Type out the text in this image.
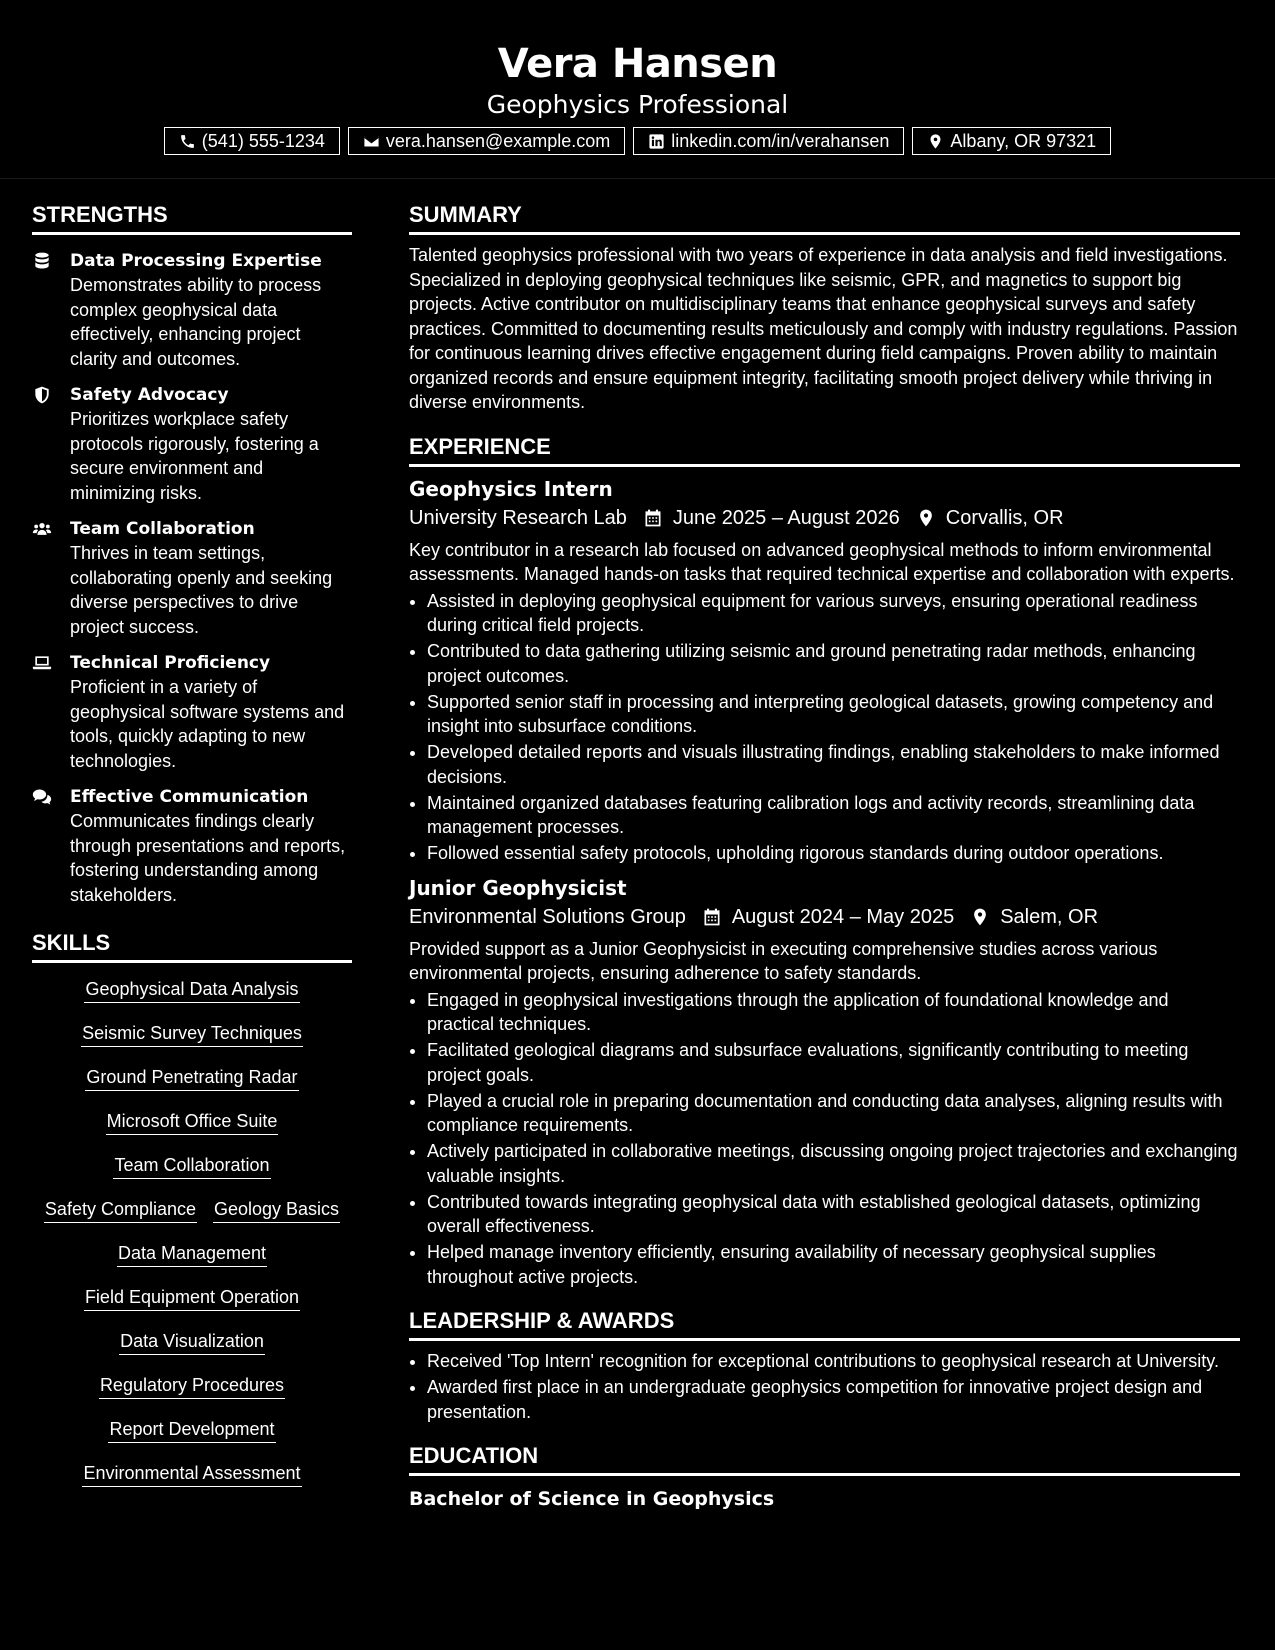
Vera Hansen
Geophysics Professional
(541) 555-1234	vera.hansen@example.com	linkedin.com/in/verahansen	Albany, OR 97321
STRENGTHS
Data Processing Expertise
Demonstrates ability to process complex geophysical data effectively, enhancing project clarity and outcomes.
Safety Advocacy
Prioritizes workplace safety protocols rigorously, fostering a secure environment and minimizing risks.
Team Collaboration
Thrives in team settings, collaborating openly and seeking diverse perspectives to drive project success.
Technical Proficiency
Proficient in a variety of geophysical software systems and tools, quickly adapting to new technologies.
Effective Communication
Communicates findings clearly through presentations and reports, fostering understanding among stakeholders.
SKILLS
Geophysical Data Analysis
Seismic Survey Techniques
Ground Penetrating Radar
Microsoft Office Suite
Team Collaboration
Safety Compliance Geology Basics
Data Management
Field Equipment Operation
Data Visualization
Regulatory Procedures
Report Development
Environmental Assessment
SUMMARY

Talented geophysics professional with two years of experience in data analysis and field investigations. Specialized in deploying geophysical techniques like seismic, GPR, and magnetics to support big projects. Active contributor on multidisciplinary teams that enhance geophysical surveys and safety practices. Committed to documenting results meticulously and comply with industry regulations. Passion for continuous learning drives effective engagement during field campaigns. Proven ability to maintain organized records and ensure equipment integrity, facilitating smooth project delivery while thriving in diverse environments.

EXPERIENCE
Geophysics Intern
University Research Lab June 2025 – August 2026 Corvallis, OR
Key contributor in a research lab focused on advanced geophysical methods to inform environmental assessments. Managed hands-on tasks that required technical expertise and collaboration with experts.
• Assisted in deploying geophysical equipment for various surveys, ensuring operational readiness during critical field projects.
• Contributed to data gathering utilizing seismic and ground penetrating radar methods, enhancing project outcomes.
• Supported senior staff in processing and interpreting geological datasets, growing competency and insight into subsurface conditions.
• Developed detailed reports and visuals illustrating findings, enabling stakeholders to make informed decisions.
• Maintained organized databases featuring calibration logs and activity records, streamlining data management processes.
• Followed essential safety protocols, upholding rigorous standards during outdoor operations.
Junior Geophysicist
Environmental Solutions Group August 2024 – May 2025 Salem, OR
Provided support as a Junior Geophysicist in executing comprehensive studies across various environmental projects, ensuring adherence to safety standards.
• Engaged in geophysical investigations through the application of foundational knowledge and practical techniques.
• Facilitated geological diagrams and subsurface evaluations, significantly contributing to meeting project goals.
• Played a crucial role in preparing documentation and conducting data analyses, aligning results with compliance requirements.
• Actively participated in collaborative meetings, discussing ongoing project trajectories and exchanging valuable insights.
• Contributed towards integrating geophysical data with established geological datasets, optimizing overall effectiveness.
• Helped manage inventory efficiently, ensuring availability of necessary geophysical supplies throughout active projects.
LEADERSHIP & AWARDS
• Received 'Top Intern' recognition for exceptional contributions to geophysical research at University.
• Awarded first place in an undergraduate geophysics competition for innovative project design and presentation.
EDUCATION
Bachelor of Science in Geophysics
